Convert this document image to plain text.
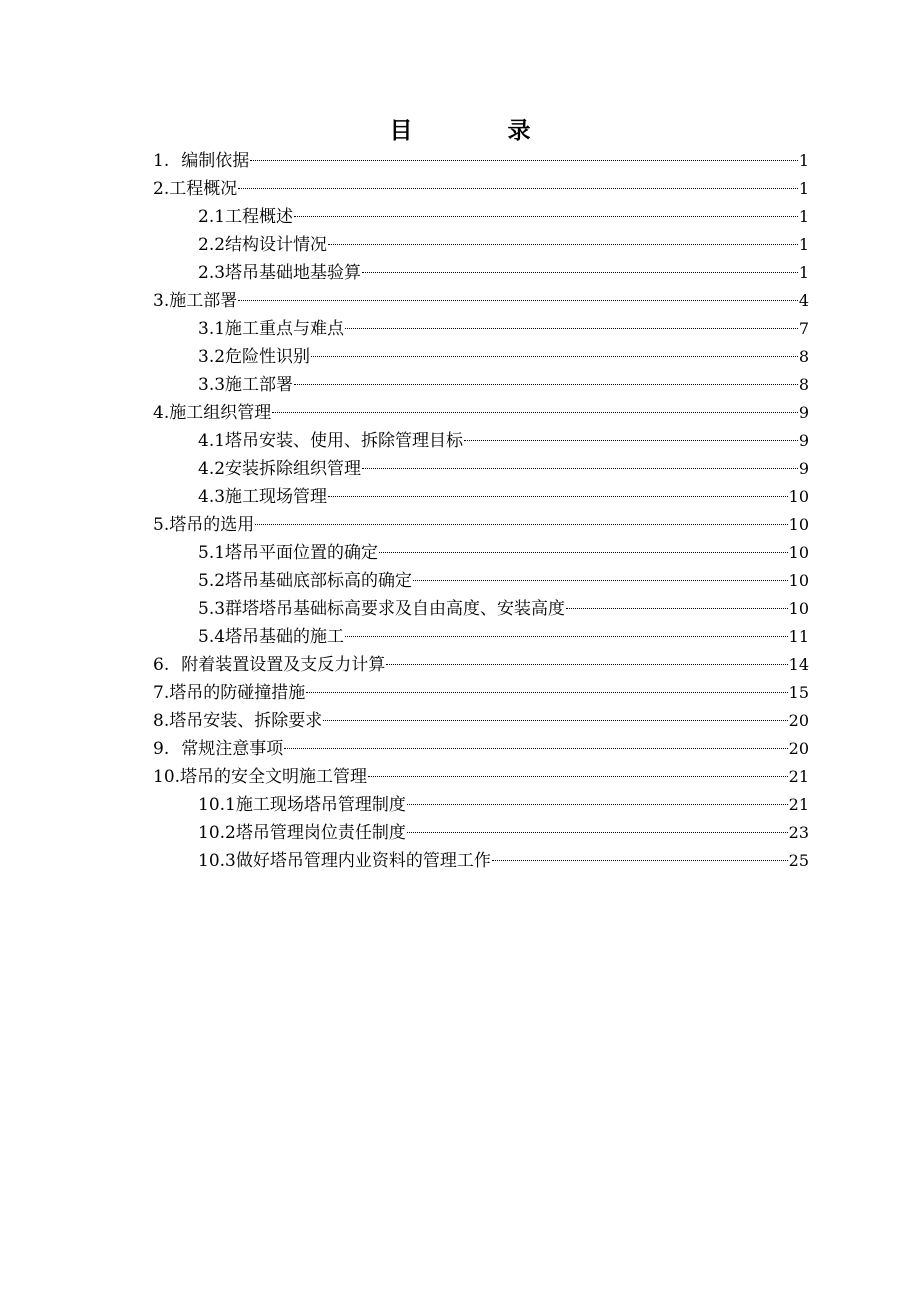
目	录
1. 编制依据	1
2. 工程概况	1
2.1 工程概述	1
2.2 结构设计情况	1
2.3 塔吊基础地基验算	1
3. 施工部署	4
3.1 施工重点与难点	7
3.2 危险性识别	8
3.3 施工部署	8
4. 施工组织管理	9
4.1 塔吊安装、使用、拆除管理目标	9
4.2 安装拆除组织管理	9
4.3 施工现场管理	10
5. 塔吊的选用	10
5.1 塔吊平面位置的确定	10
5.2 塔吊基础底部标高的确定	10
5.3 群塔塔吊基础标高要求及自由高度、安装高度	10
5.4 塔吊基础的施工	11
6. 附着装置设置及支反力计算	14
7. 塔吊的防碰撞措施	15
8. 塔吊安装、拆除要求	20
9. 常规注意事项	20
10. 塔吊的安全文明施工管理	21
10.1 施工现场塔吊管理制度	21
10.2 塔吊管理岗位责任制度	23
10.3 做好塔吊管理内业资料的管理工作	25
